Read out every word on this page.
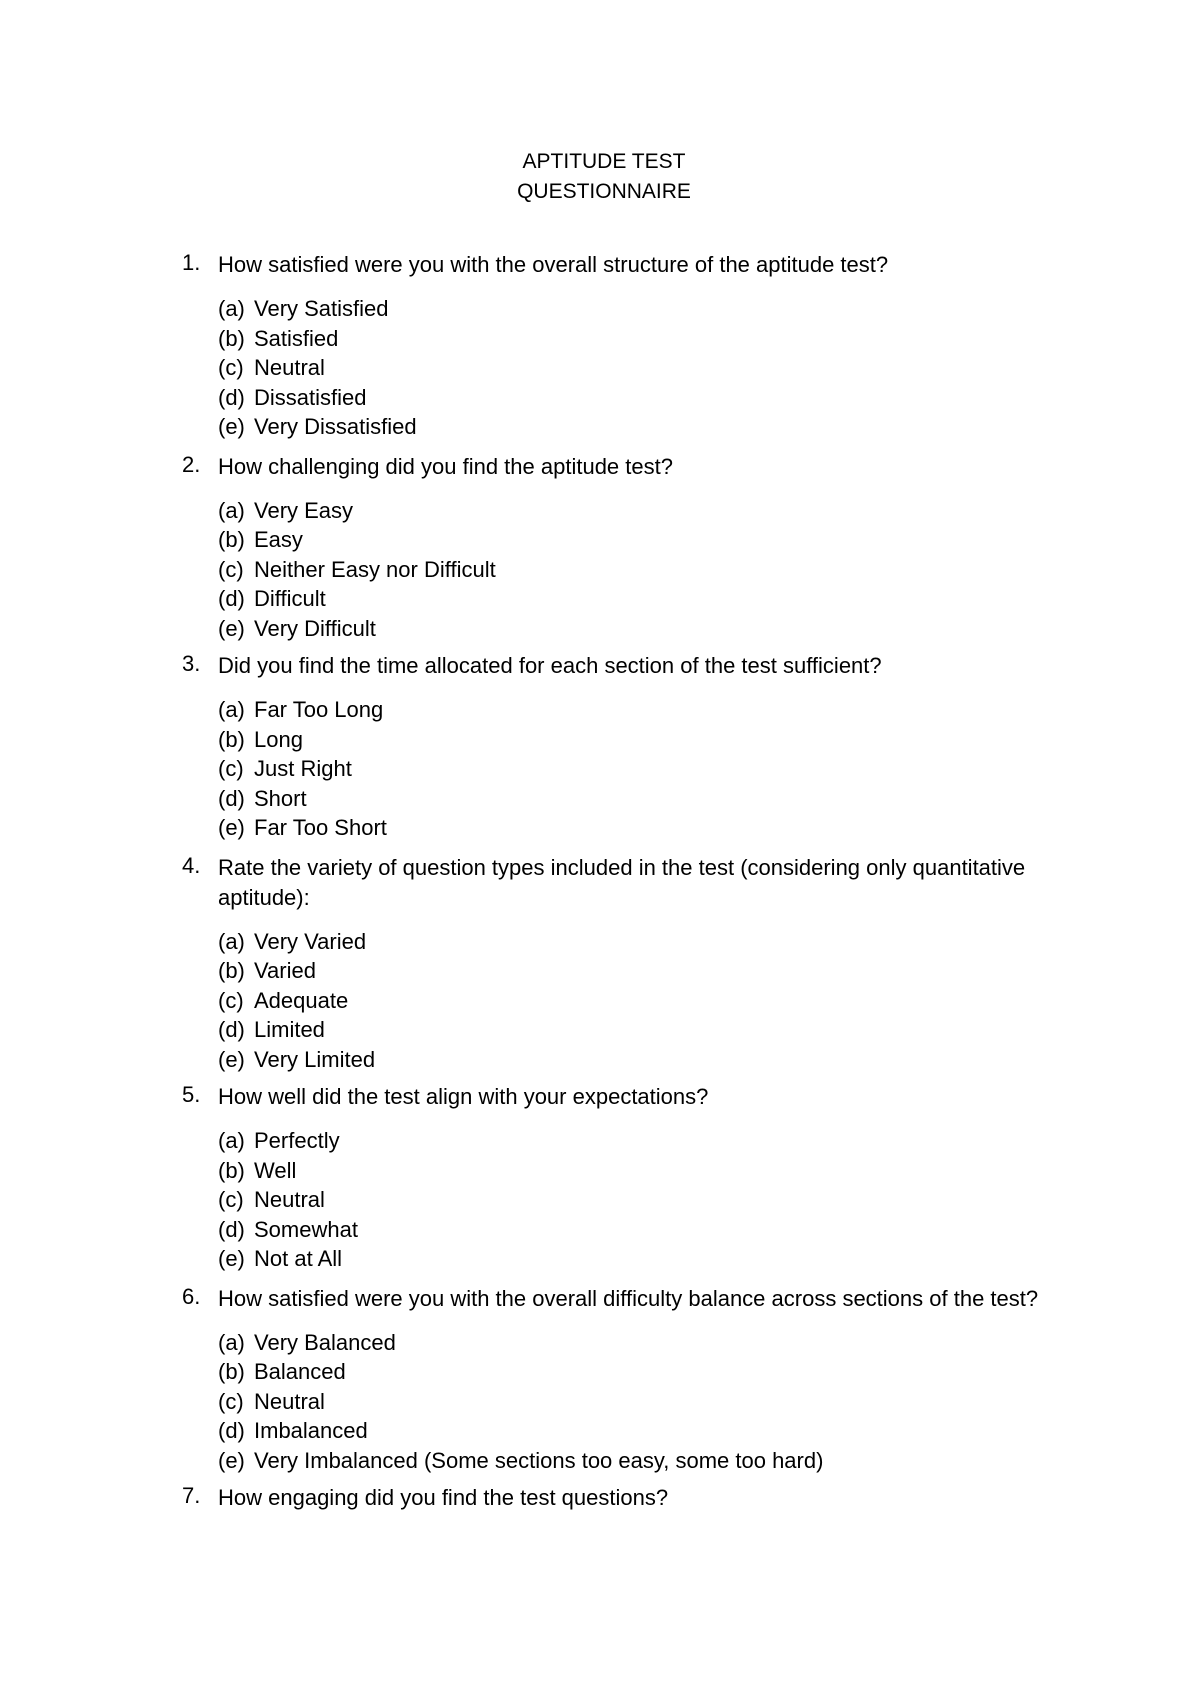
APTITUDE TEST
QUESTIONNAIRE
1. How satisfied were you with the overall structure of the aptitude test?
(a) Very Satisfied
(b) Satisfied
(c) Neutral
(d) Dissatisfied
(e) Very Dissatisfied
2. How challenging did you find the aptitude test?
(a) Very Easy
(b) Easy
(c) Neither Easy nor Difficult
(d) Difficult
(e) Very Difficult
3. Did you find the time allocated for each section of the test sufficient?
(a) Far Too Long
(b) Long
(c) Just Right
(d) Short
(e) Far Too Short
4. Rate the variety of question types included in the test (considering only quantitative aptitude):
(a) Very Varied
(b) Varied
(c) Adequate
(d) Limited
(e) Very Limited
5. How well did the test align with your expectations?
(a) Perfectly
(b) Well
(c) Neutral
(d) Somewhat
(e) Not at All
6. How satisfied were you with the overall difficulty balance across sections of the test?
(a) Very Balanced
(b) Balanced
(c) Neutral
(d) Imbalanced
(e) Very Imbalanced (Some sections too easy, some too hard)
7. How engaging did you find the test questions?
